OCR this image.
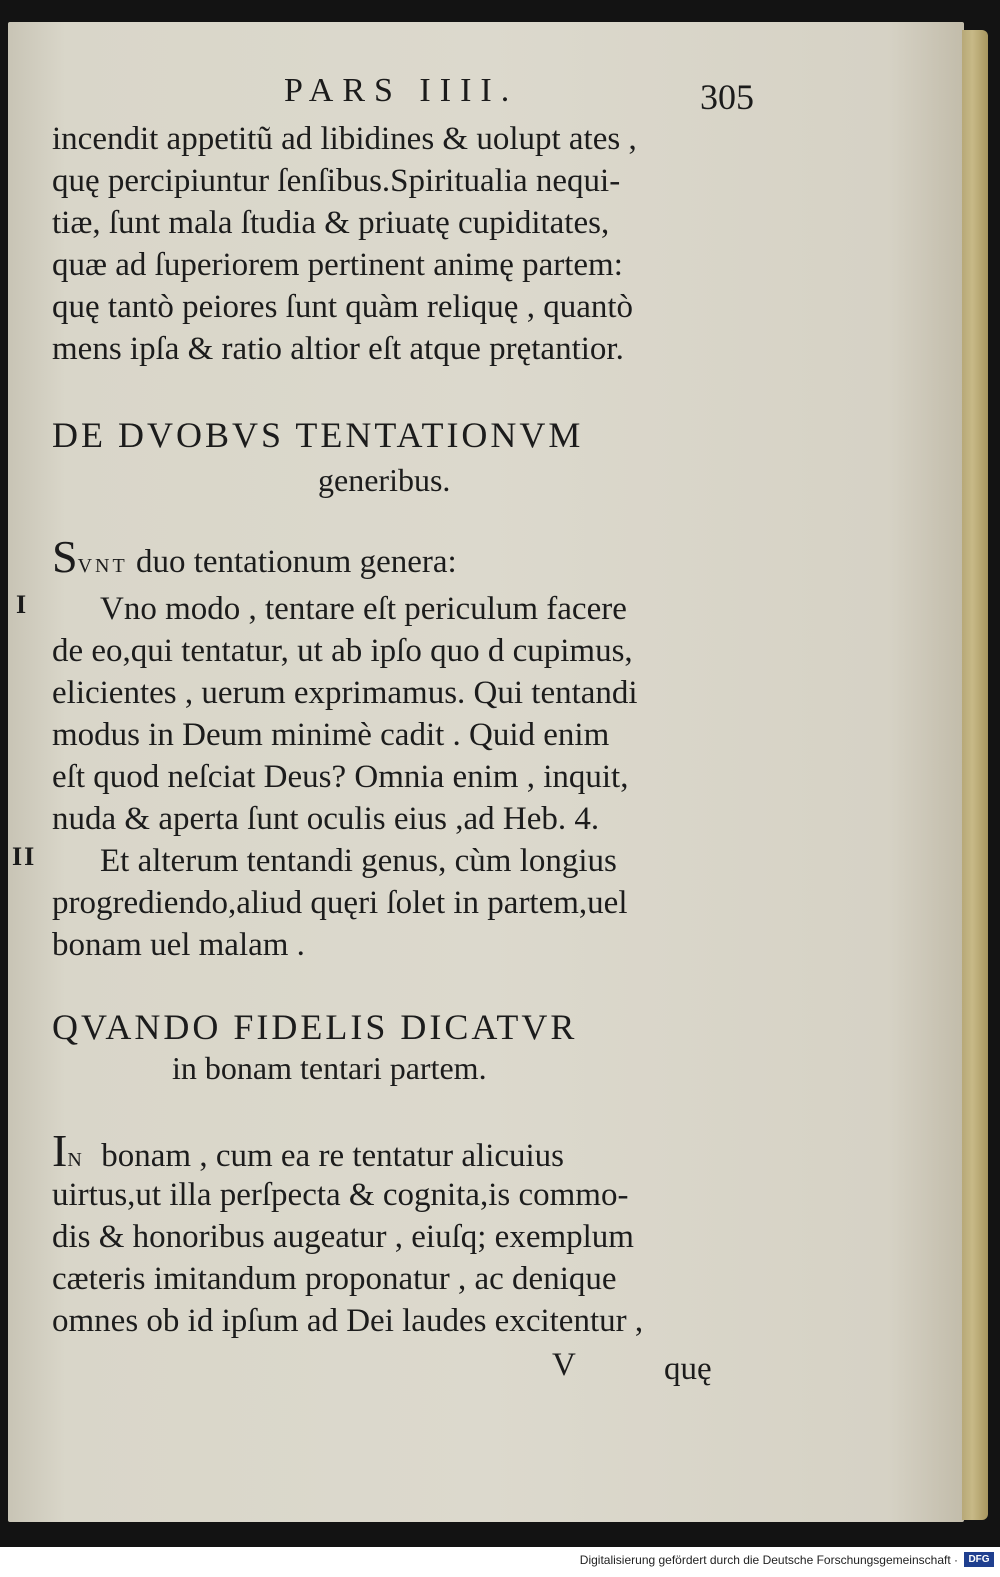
PARS IIII.	305
incendit appetitũ ad libidines & uolupt ates ,
quę percipiuntur ſenſibus.Spiritualia nequi-
tiæ, ſunt mala ſtudia & priuatę cupiditates,
quæ ad ſuperiorem pertinent animę partem:
quę tantò peiores ſunt quàm reliquę , quantò
mens ipſa & ratio altior eſt atque prętantior.
DE DVOBVS TENTATIONVM
generibus.
SVNT duo tentationum genera:
Vno modo , tentare eſt periculum facere
de eo,qui tentatur, ut ab ipſo quo d cupimus,
elicientes , uerum exprimamus. Qui tentandi
modus in Deum minimè cadit . Quid enim
eſt quod neſciat Deus? Omnia enim , inquit,
nuda & aperta ſunt oculis eius ,ad Heb. 4.
Et alterum tentandi genus, cùm longius
progrediendo,aliud quęri ſolet in partem,uel
bonam uel malam .
I
II
QVANDO FIDELIS DICATVR
in bonam tentari partem.
IN  bonam , cum ea re tentatur alicuius
uirtus,ut illa perſpecta & cognita,is commo-
dis & honoribus augeatur , eiuſq; exemplum
cæteris imitandum proponatur , ac denique
omnes ob id ipſum ad Dei laudes excitentur ,
V	quę
Digitalisierung gefördert durch die Deutsche Forschungsgemeinschaft ·	DFG
